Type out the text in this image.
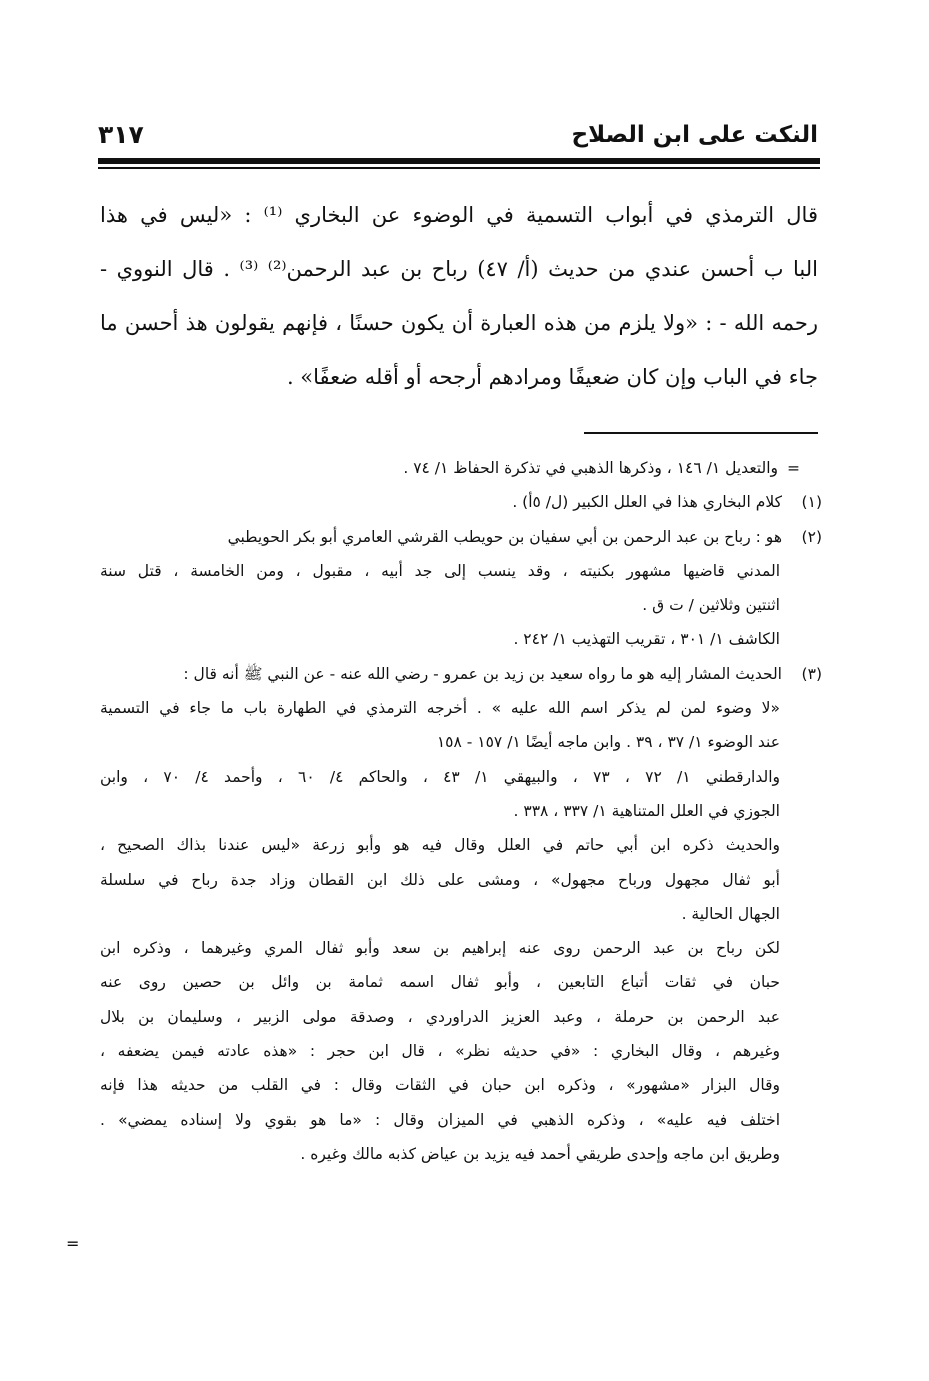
النكت على ابن الصلاح
٣١٧
قال الترمذي في أبواب التسمية في الوضوء عن البخاري ⁽¹⁾ : «ليس في هذا
البا ب أحسن عندي من حديث (أ/ ٤٧) رباح بن عبد الرحمن⁽²⁾ ⁽³⁾ . قال النووي -
رحمه الله - : «ولا يلزم من هذه العبارة أن يكون حسنًا ، فإنهم يقولون هذ أحسن ما
جاء في الباب وإن كان ضعيفًا ومرادهم أرجحه أو أقله ضعفًا» .
=والتعديل ١/ ١٤٦ ، وذكرها الذهبي في تذكرة الحفاظ ١/ ٧٤ .
(١)كلام البخاري هذا في العلل الكبير (ل/ ٥أ) .
(٢)هو : رباح بن عبد الرحمن بن أبي سفيان بن حويطب القرشي العامري أبو بكر الحويطبي
المدني قاضيها مشهور بكنيته ، وقد ينسب إلى جد أبيه ، مقبول ، ومن الخامسة ، قتل سنة
اثنتين وثلاثين / ت ق .
الكاشف ١/ ٣٠١ ، تقريب التهذيب ١/ ٢٤٢ .
(٣)الحديث المشار إليه هو ما رواه سعيد بن زيد بن عمرو - رضي الله عنه - عن النبي ﷺ أنه قال :
«لا وضوء لمن لم يذكر اسم الله عليه » . أخرجه الترمذي في الطهارة باب ما جاء في التسمية
عند الوضوء ١/ ٣٧ ، ٣٩ . وابن ماجه أيضًا ١/ ١٥٧ - ١٥٨
والدارقطني ١/ ٧٢ ، ٧٣ ، والبيهقي ١/ ٤٣ ، والحاكم ٤/ ٦٠ ، وأحمد ٤/ ٧٠ ، وابن
الجوزي في العلل المتناهية ١/ ٣٣٧ ، ٣٣٨ .
والحديث ذكره ابن أبي حاتم في العلل وقال فيه هو وأبو زرعة «ليس عندنا بذاك الصحيح ،
أبو ثفال مجهول ورباح مجهول» ، ومشى على ذلك ابن القطان وزاد جدة رباح في سلسلة
الجهال الحالية .
لكن رباح بن عبد الرحمن روى عنه إبراهيم بن سعد وأبو ثفال المري وغيرهما ، وذكره ابن
حبان في ثقات أتباع التابعين ، وأبو ثفال اسمه ثمامة بن وائل بن حصين روى عنه
عبد الرحمن بن حرملة ، وعبد العزيز الدراوردي ، وصدقة مولى الزبير ، وسليمان بن بلال
وغيرهم ، وقال البخاري : «في حديثه نظر» ، قال ابن حجر : «هذه عادته فيمن يضعفه ،
وقال البزار «مشهور» ، وذكره ابن حبان في الثقات وقال : في القلب من حديثه هذا فإنه
اختلف فيه عليه» ، وذكره الذهبي في الميزان وقال : «ما هو بقوي ولا إسناده يمضي» .
وطريق ابن ماجه وإحدى طريقي أحمد فيه يزيد بن عياض كذبه مالك وغيره .
=
